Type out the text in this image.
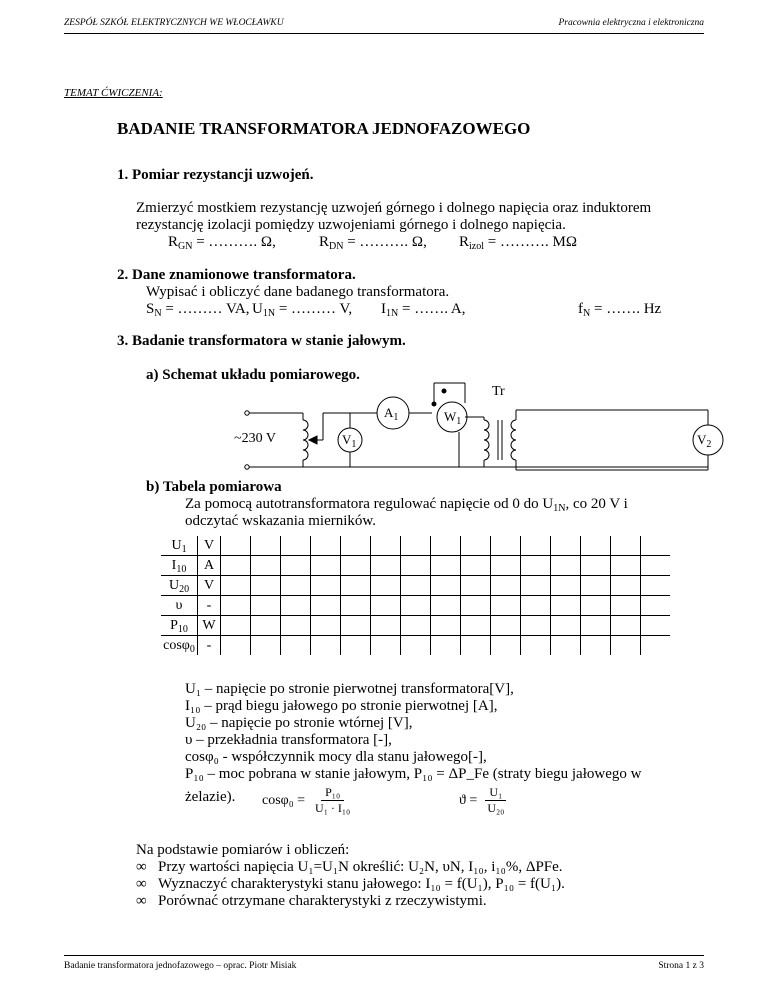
ZESPÓŁ SZKÓŁ ELEKTRYCZNYCH WE WŁOCŁAWKU	Pracownia elektryczna i elektroniczna
TEMAT ĆWICZENIA:
BADANIE TRANSFORMATORA JEDNOFAZOWEGO
1. Pomiar rezystancji uzwojeń.
Zmierzyć mostkiem rezystancję uzwojeń górnego i dolnego napięcia oraz induktorem
rezystancję izolacji pomiędzy uzwojeniami górnego i dolnego napięcia.
$R_{GN}$ = ………. Ω,	$R_{DN}$ = ………. Ω, $R_{izol}$ = ………. MΩ
2. Dane znamionowe transformatora.
Wypisać i obliczyć dane badanego transformatora.
$S_N$ = ……… VA, $U_{1N}$ = ……… V, $I_{1N}$ = ……. A,	$f_N$ = ……. Hz
3. Badanie transformatora w stanie jałowym.
a) Schemat układu pomiarowego.
~230 V	$V_1$
$A_1$	$W_1$
$V_2$
Tr
b) Tabela pomiarowa
Za pomocą autotransformatora regulować napięcie od 0 do $U_{1N}$, co 20 V i
odczytać wskazania mierników.
$U_1$	V															
$I_{10}$	A															
$U_{20}$	V															
υ	-															
$P_{10}$	W															
cosφ$_0$	-															
U₁ – napięcie po stronie pierwotnej transformatora[V],
I₁₀ – prąd biegu jałowego po stronie pierwotnej [A],
U₂₀ – napięcie po stronie wtórnej [V],
υ – przekładnia transformatora [-],
cosφ₀ - współczynnik mocy dla stanu jałowego[-],
P₁₀ – moc pobrana w stanie jałowym, P₁₀ = ΔP_Fe (straty biegu jałowego w
żelazie). $\cos\varphi_0 = \frac{\text{P₁₀}}{\text{U₁ · I₁₀}}$	$ϑ = \frac{\text{U₁}}{\text{U₂₀}}$
Na podstawie pomiarów i obliczeń:
∞ Przy wartości napięcia U₁=U₁N określić: U₂N, υN, I₁₀, i₁₀%, ΔPFe.
∞ Wyznaczyć charakterystyki stanu jałowego: I₁₀ = f(U₁), P₁₀ = f(U₁).
∞ Porównać otrzymane charakterystyki z rzeczywistymi.
Badanie transformatora jednofazowego – oprac. Piotr Misiak	Strona 1 z 3
